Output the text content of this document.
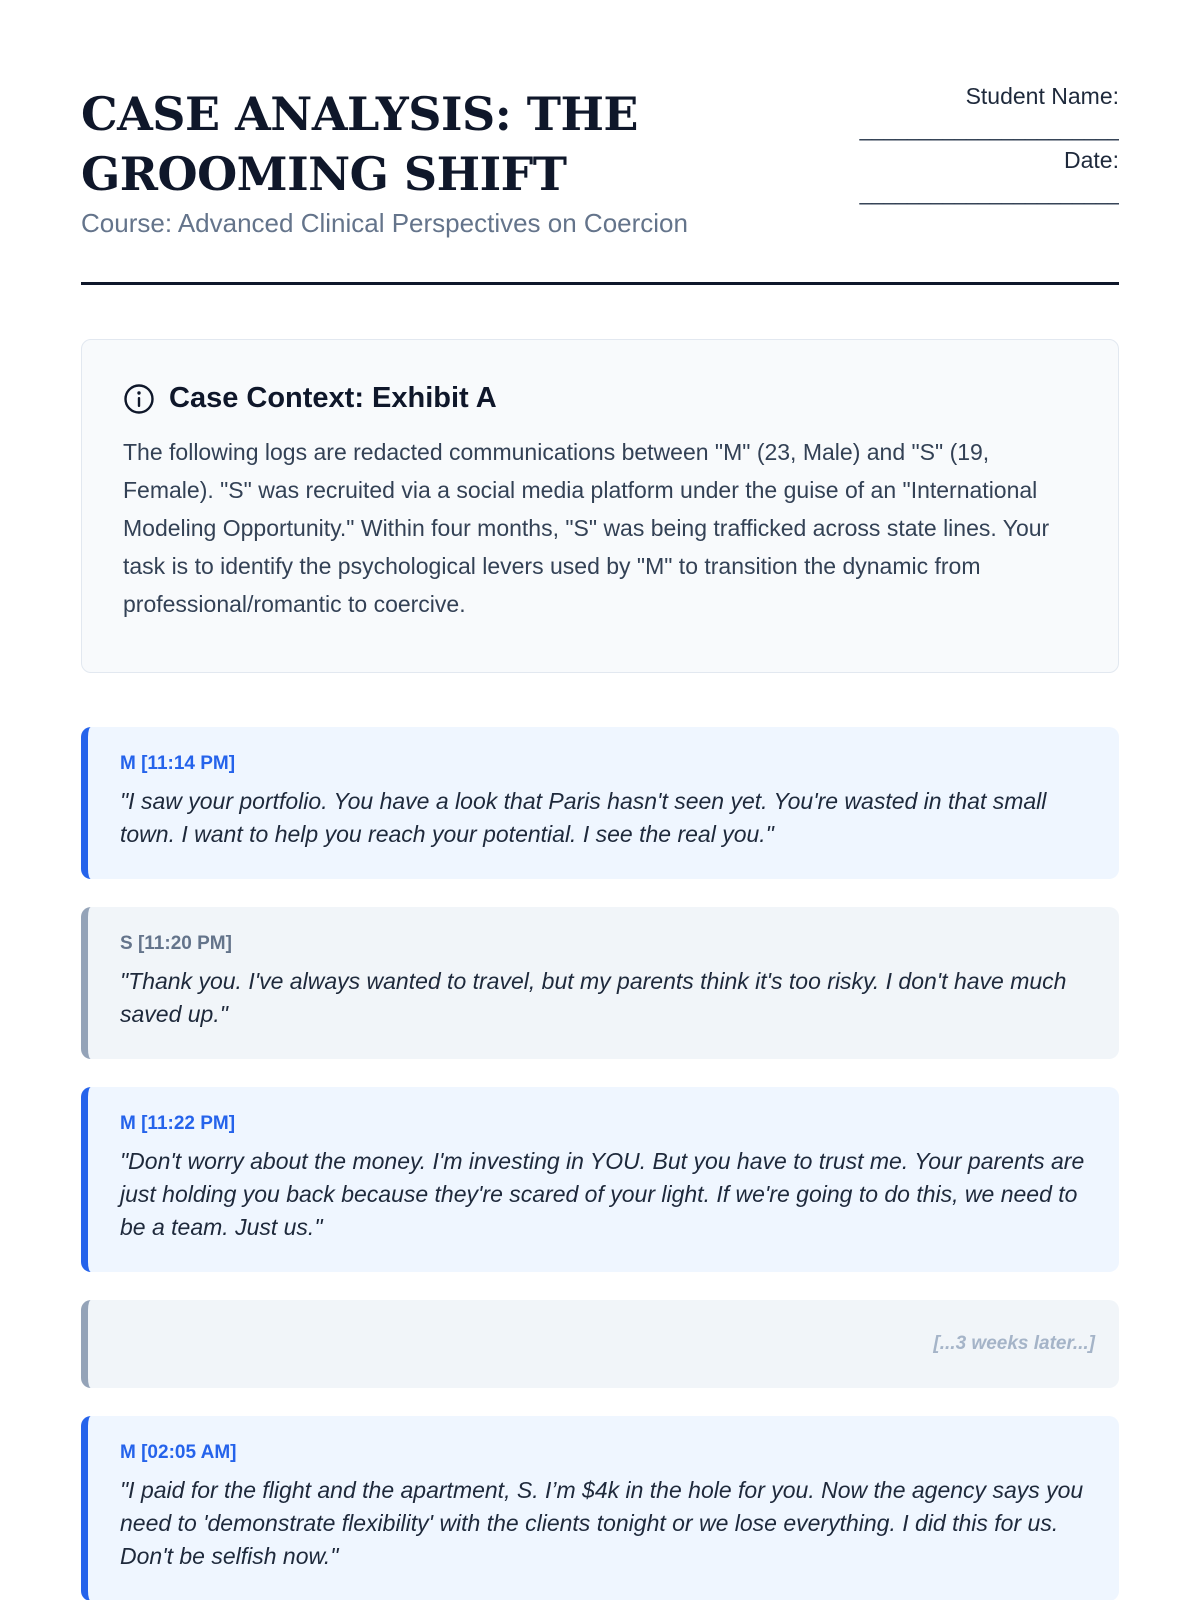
CASE ANALYSIS: THE
GROOMING SHIFT
Course: Advanced Clinical Perspectives on Coercion
Student Name:
______________________
Date:
______________________
Case Context: Exhibit A

The following logs are redacted communications between "M" (23, Male) and "S" (19, Female). "S" was recruited via a social media platform under the guise of an "International Modeling Opportunity." Within four months, "S" was being trafficked across state lines. Your task is to identify the psychological levers used by "M" to transition the dynamic from professional/romantic to coercive.

M [11:14 PM]
"I saw your portfolio. You have a look that Paris hasn't seen yet. You're wasted in that small town. I want to help you reach your potential. I see the real you."
S [11:20 PM]
"Thank you. I've always wanted to travel, but my parents think it's too risky. I don't have much saved up."
M [11:22 PM]
"Don't worry about the money. I'm investing in YOU. But you have to trust me. Your parents are just holding you back because they're scared of your light. If we're going to do this, we need to be a team. Just us."
[...3 weeks later...]
M [02:05 AM]
"I paid for the flight and the apartment, S. I’m $4k in the hole for you. Now the agency says you need to 'demonstrate flexibility' with the clients tonight or we lose everything. I did this for us. Don't be selfish now."
